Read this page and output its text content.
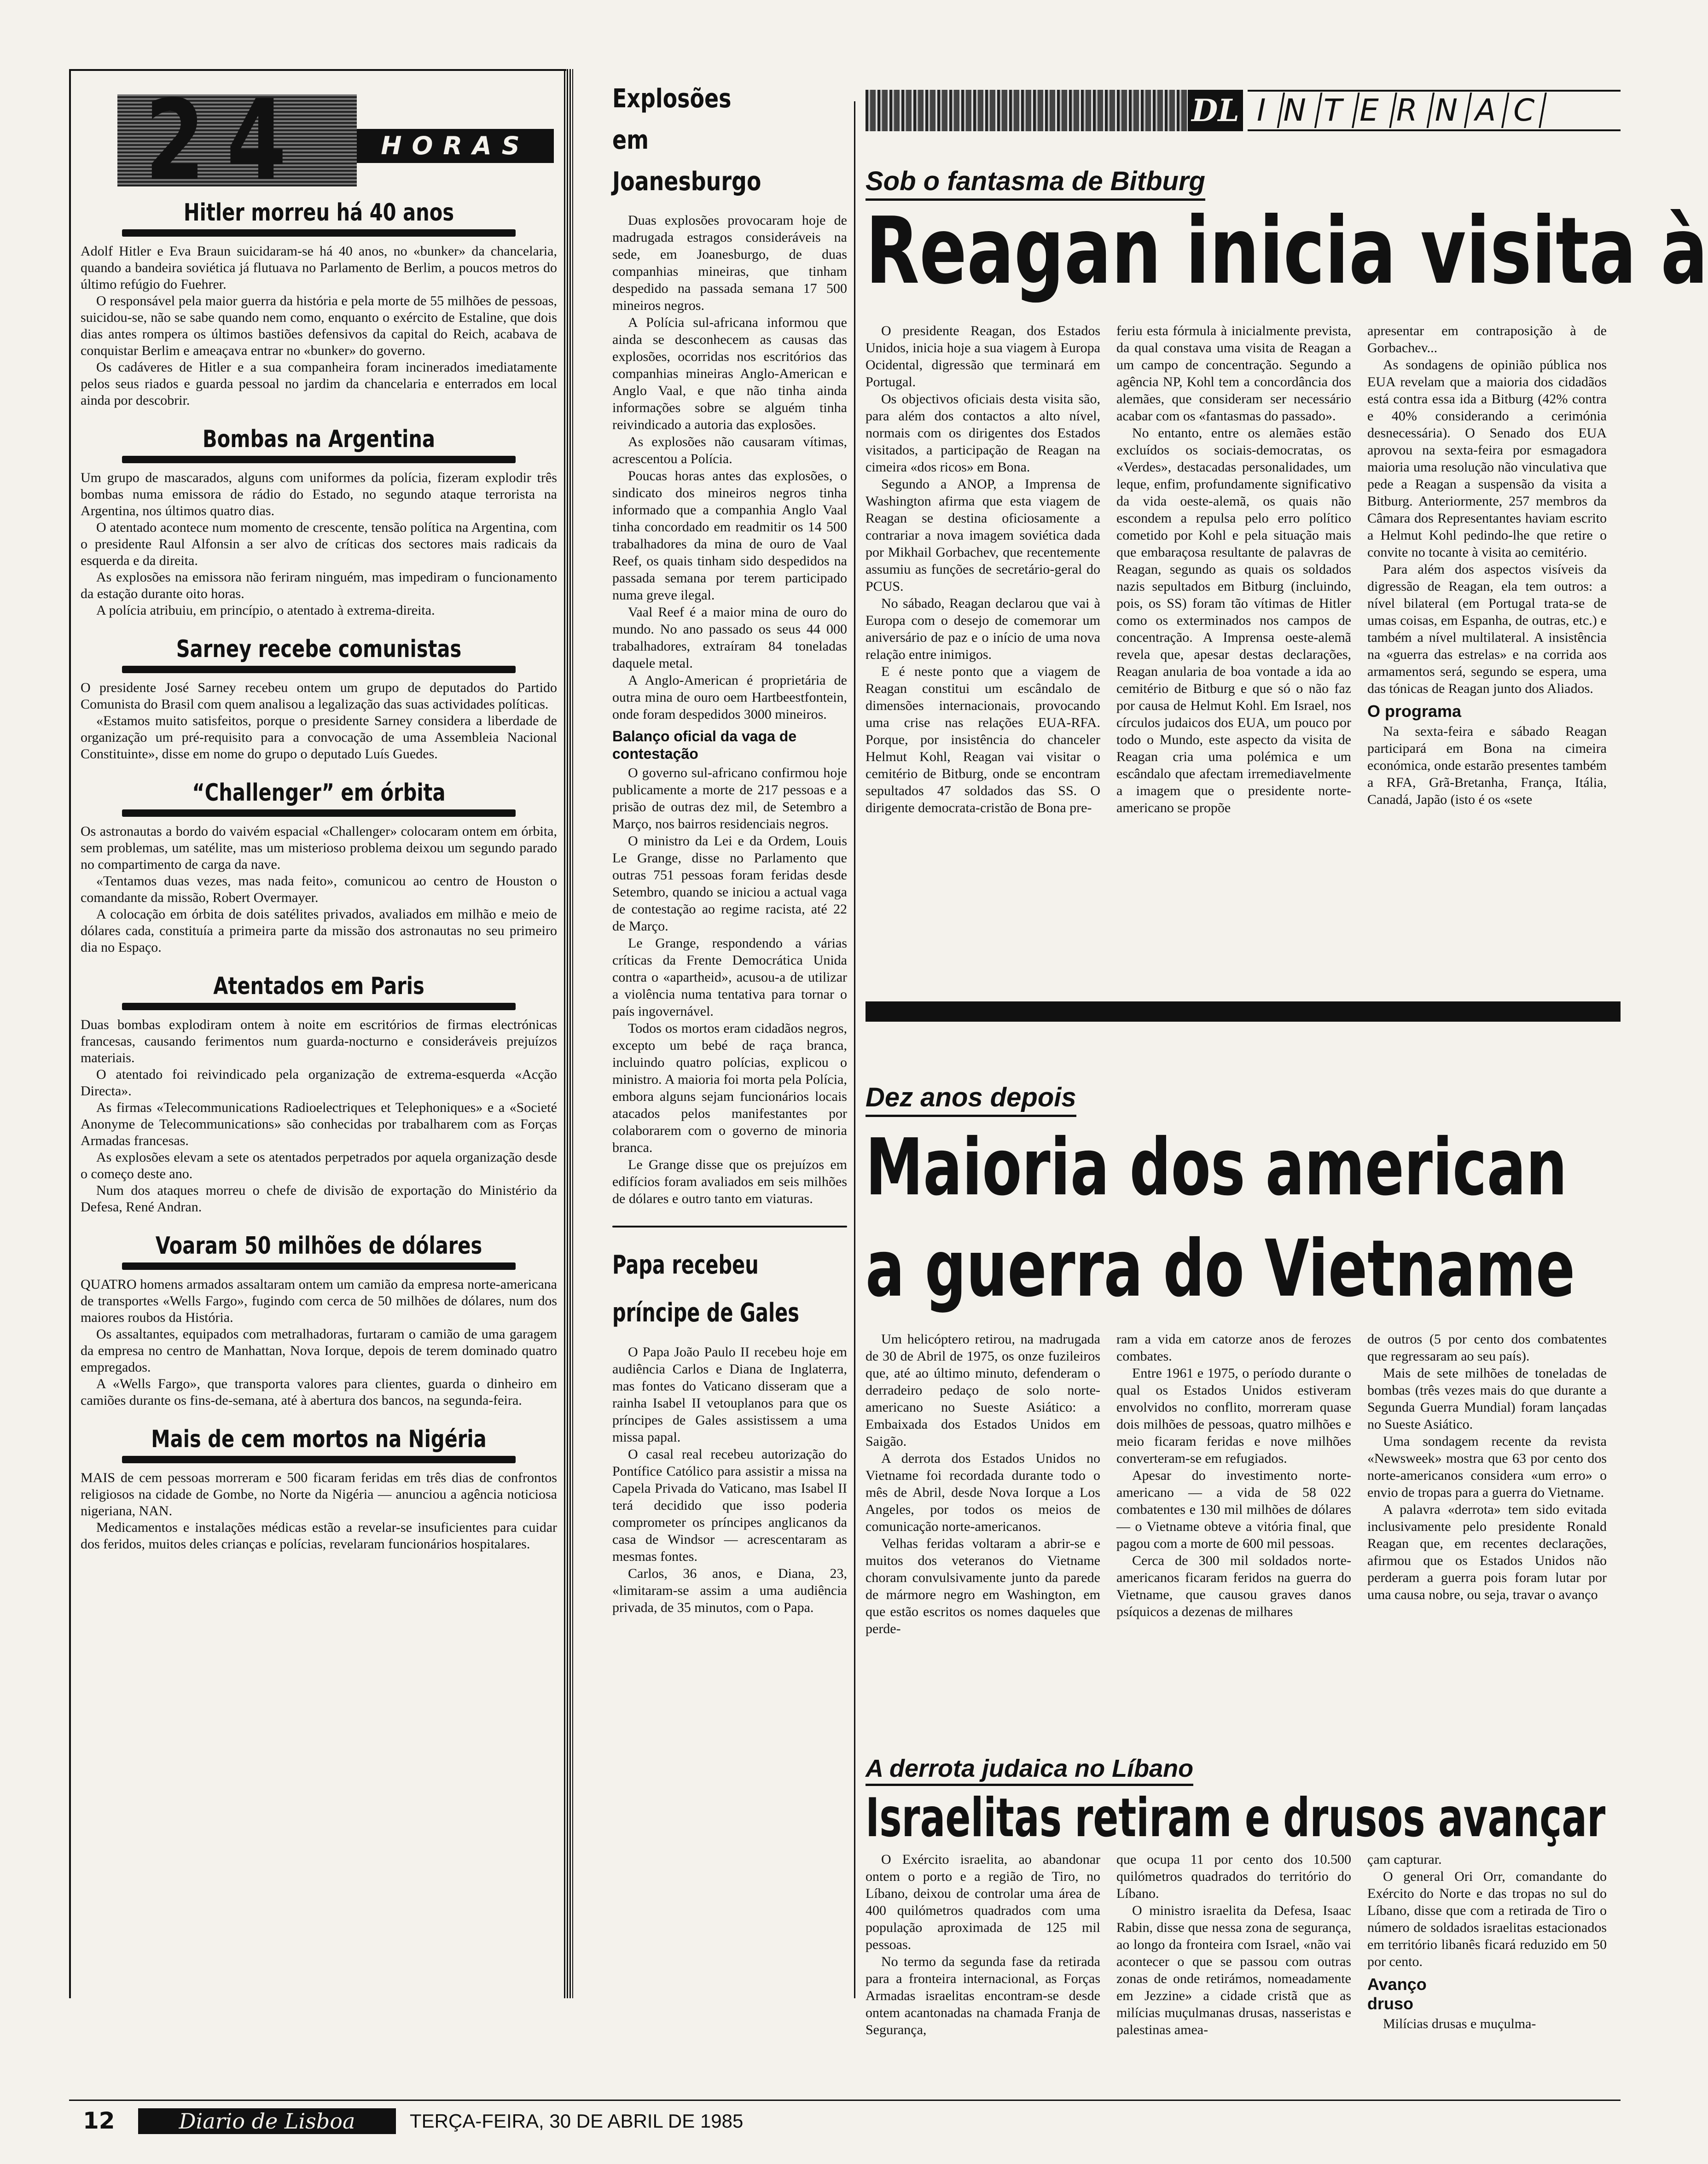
24	HORAS
Hitler morreu há 40 anos

Adolf Hitler e Eva Braun suicidaram-se há 40 anos, no «bunker» da chancelaria, quando a bandeira soviética já flutuava no Parlamento de Berlim, a poucos metros do último refúgio do Fuehrer.

O responsável pela maior guerra da história e pela morte de 55 milhões de pessoas, suicidou-se, não se sabe quando nem como, enquanto o exército de Estaline, que dois dias antes rompera os últimos bastiões defensivos da capital do Reich, acabava de conquistar Berlim e ameaçava entrar no «bunker» do governo.

Os cadáveres de Hitler e a sua companheira foram incinerados imediatamente pelos seus riados e guarda pessoal no jardim da chancelaria e enterrados em local ainda por descobrir.

Bombas na Argentina

Um grupo de mascarados, alguns com uniformes da polícia, fizeram explodir três bombas numa emissora de rádio do Estado, no segundo ataque terrorista na Argentina, nos últimos quatro dias.

O atentado acontece num momento de crescente, tensão política na Argentina, com o presidente Raul Alfonsin a ser alvo de críticas dos sectores mais radicais da esquerda e da direita.

As explosões na emissora não feriram ninguém, mas impediram o funcionamento da estação durante oito horas.

A polícia atribuiu, em princípio, o atentado à extrema-direita.

Sarney recebe comunistas

O presidente José Sarney recebeu ontem um grupo de deputados do Partido Comunista do Brasil com quem analisou a legalização das suas actividades políticas.

«Estamos muito satisfeitos, porque o presidente Sarney considera a liberdade de organização um pré-requisito para a convocação de uma Assembleia Nacional Constituinte», disse em nome do grupo o deputado Luís Guedes.

“Challenger” em órbita

Os astronautas a bordo do vaivém espacial «Challenger» colocaram ontem em órbita, sem problemas, um satélite, mas um misterioso problema deixou um segundo parado no compartimento de carga da nave.

«Tentamos duas vezes, mas nada feito», comunicou ao centro de Houston o comandante da missão, Robert Overmayer.

A colocação em órbita de dois satélites privados, avaliados em milhão e meio de dólares cada, constituía a primeira parte da missão dos astronautas no seu primeiro dia no Espaço.

Atentados em Paris

Duas bombas explodiram ontem à noite em escritórios de firmas electrónicas francesas, causando ferimentos num guarda-nocturno e consideráveis prejuízos materiais.

O atentado foi reivindicado pela organização de extrema-esquerda «Acção Directa».

As firmas «Telecommunications Radioelectriques et Telephoniques» e a «Societé Anonyme de Telecommunications» são conhecidas por trabalharem com as Forças Armadas francesas.

As explosões elevam a sete os atentados perpetrados por aquela organização desde o começo deste ano.

Num dos ataques morreu o chefe de divisão de exportação do Ministério da Defesa, René Andran.

Voaram 50 milhões de dólares

QUATRO homens armados assaltaram ontem um camião da empresa norte-americana de transportes «Wells Fargo», fugindo com cerca de 50 milhões de dólares, num dos maiores roubos da História.

Os assaltantes, equipados com metralhadoras, furtaram o camião de uma garagem da empresa no centro de Manhattan, Nova Iorque, depois de terem dominado quatro empregados.

A «Wells Fargo», que transporta valores para clientes, guarda o dinheiro em camiões durante os fins-de-semana, até à abertura dos bancos, na segunda-feira.

Mais de cem mortos na Nigéria

MAIS de cem pessoas morreram e 500 ficaram feridas em três dias de confrontos religiosos na cidade de Gombe, no Norte da Nigéria — anunciou a agência noticiosa nigeriana, NAN.

Medicamentos e instalações médicas estão a revelar-se insuficientes para cuidar dos feridos, muitos deles crianças e polícias, revelaram funcionários hospitalares.

Explosões
em
Joanesburgo

Duas explosões provocaram hoje de madrugada estragos consideráveis na sede, em Joanesburgo, de duas companhias mineiras, que tinham despedido na passada semana 17 500 mineiros negros.

A Polícia sul-africana informou que ainda se desconhecem as causas das explosões, ocorridas nos escritórios das companhias mineiras Anglo-American e Anglo Vaal, e que não tinha ainda informações sobre se alguém tinha reivindicado a autoria das explosões.

As explosões não causaram vítimas, acrescentou a Polícia.

Poucas horas antes das explosões, o sindicato dos mineiros negros tinha informado que a companhia Anglo Vaal tinha concordado em readmitir os 14 500 trabalhadores da mina de ouro de Vaal Reef, os quais tinham sido despedidos na passada semana por terem participado numa greve ilegal.

Vaal Reef é a maior mina de ouro do mundo. No ano passado os seus 44 000 trabalhadores, extraíram 84 toneladas daquele metal.

A Anglo-American é proprietária de outra mina de ouro oem Hartbeestfontein, onde foram despedidos 3000 mineiros.

Balanço oficial da vaga de contestação

O governo sul-africano confirmou hoje publicamente a morte de 217 pessoas e a prisão de outras dez mil, de Setembro a Março, nos bairros residenciais negros.

O ministro da Lei e da Ordem, Louis Le Grange, disse no Parlamento que outras 751 pessoas foram feridas desde Setembro, quando se iniciou a actual vaga de contestação ao regime racista, até 22 de Março.

Le Grange, respondendo a várias críticas da Frente Democrática Unida contra o «apartheid», acusou-a de utilizar a violência numa tentativa para tornar o país ingovernável.

Todos os mortos eram cidadãos negros, excepto um bebé de raça branca, incluindo quatro polícias, explicou o ministro. A maioria foi morta pela Polícia, embora alguns sejam funcionários locais atacados pelos manifestantes por colaborarem com o governo de minoria branca.

Le Grange disse que os prejuízos em edifícios foram avaliados em seis milhões de dólares e outro tanto em viaturas.

Papa recebeu
príncipe de Gales

O Papa João Paulo II recebeu hoje em audiência Carlos e Diana de Inglaterra, mas fontes do Vaticano disseram que a rainha Isabel II vetouplanos para que os príncipes de Gales assistissem a uma missa papal.

O casal real recebeu autorização do Pontífice Católico para assistir a missa na Capela Privada do Vaticano, mas Isabel II terá decidido que isso poderia comprometer os príncipes anglicanos da casa de Windsor — acrescentaram as mesmas fontes.

Carlos, 36 anos, e Diana, 23, «limitaram-se assim a uma audiência privada, de 35 minutos, com o Papa.

DL INTERNAC
Sob o fantasma de Bitburg
Reagan inicia visita à

O presidente Reagan, dos Estados Unidos, inicia hoje a sua viagem à Europa Ocidental, digressão que terminará em Portugal.

Os objectivos oficiais desta visita são, para além dos contactos a alto nível, normais com os dirigentes dos Estados visitados, a participação de Reagan na cimeira «dos ricos» em Bona.

Segundo a ANOP, a Imprensa de Washington afirma que esta viagem de Reagan se destina oficiosamente a contrariar a nova imagem soviética dada por Mikhail Gorbachev, que recentemente assumiu as funções de secretário-geral do PCUS.

No sábado, Reagan declarou que vai à Europa com o desejo de comemorar um aniversário de paz e o início de uma nova relação entre inimigos.

E é neste ponto que a viagem de Reagan constitui um escândalo de dimensões internacionais, provocando uma crise nas relações EUA-RFA. Porque, por insistência do chanceler Helmut Kohl, Reagan vai visitar o cemitério de Bitburg, onde se encontram sepultados 47 soldados das SS. O dirigente democrata-cristão de Bona pre-

feriu esta fórmula à inicialmente prevista, da qual constava uma visita de Reagan a um campo de concentração. Segundo a agência NP, Kohl tem a concordância dos alemães, que consideram ser necessário acabar com os «fantasmas do passado».

No entanto, entre os alemães estão excluídos os sociais-democratas, os «Verdes», destacadas personalidades, um leque, enfim, profundamente significativo da vida oeste-alemã, os quais não escondem a repulsa pelo erro político cometido por Kohl e pela situação mais que embaraçosa resultante de palavras de Reagan, segundo as quais os soldados nazis sepultados em Bitburg (incluindo, pois, os SS) foram tão vítimas de Hitler como os exterminados nos campos de concentração. A Imprensa oeste-alemã revela que, apesar destas declarações, Reagan anularia de boa vontade a ida ao cemitério de Bitburg e que só o não faz por causa de Helmut Kohl. Em Israel, nos círculos judaicos dos EUA, um pouco por todo o Mundo, este aspecto da visita de Reagan cria uma polémica e um escândalo que afectam irremediavelmente a imagem que o presidente norte-americano se propõe

apresentar em contraposição à de Gorbachev...

As sondagens de opinião pública nos EUA revelam que a maioria dos cidadãos está contra essa ida a Bitburg (42% contra e 40% considerando a cerimónia desnecessária). O Senado dos EUA aprovou na sexta-feira por esmagadora maioria uma resolução não vinculativa que pede a Reagan a suspensão da visita a Bitburg. Anteriormente, 257 membros da Câmara dos Representantes haviam escrito a Helmut Kohl pedindo-lhe que retire o convite no tocante à visita ao cemitério.

Para além dos aspectos visíveis da digressão de Reagan, ela tem outros: a nível bilateral (em Portugal trata-se de umas coisas, em Espanha, de outras, etc.) e também a nível multilateral. A insistência na «guerra das estrelas» e na corrida aos armamentos será, segundo se espera, uma das tónicas de Reagan junto dos Aliados.

O programa

Na sexta-feira e sábado Reagan participará em Bona na cimeira económica, onde estarão presentes também a RFA, Grã-Bretanha, França, Itália, Canadá, Japão (isto é os «sete

Dez anos depois
Maioria dos american
a guerra do Vietname

Um helicóptero retirou, na madrugada de 30 de Abril de 1975, os onze fuzileiros que, até ao último minuto, defenderam o derradeiro pedaço de solo norte-americano no Sueste Asiático: a Embaixada dos Estados Unidos em Saigão.

A derrota dos Estados Unidos no Vietname foi recordada durante todo o mês de Abril, desde Nova Iorque a Los Angeles, por todos os meios de comunicação norte-americanos.

Velhas feridas voltaram a abrir-se e muitos dos veteranos do Vietname choram convulsivamente junto da parede de mármore negro em Washington, em que estão escritos os nomes daqueles que perde-

ram a vida em catorze anos de ferozes combates.

Entre 1961 e 1975, o período durante o qual os Estados Unidos estiveram envolvidos no conflito, morreram quase dois milhões de pessoas, quatro milhões e meio ficaram feridas e nove milhões converteram-se em refugiados.

Apesar do investimento norte-americano — a vida de 58 022 combatentes e 130 mil milhões de dólares — o Vietname obteve a vitória final, que pagou com a morte de 600 mil pessoas.

Cerca de 300 mil soldados norte-americanos ficaram feridos na guerra do Vietname, que causou graves danos psíquicos a dezenas de milhares

de outros (5 por cento dos combatentes que regressaram ao seu país).

Mais de sete milhões de toneladas de bombas (três vezes mais do que durante a Segunda Guerra Mundial) foram lançadas no Sueste Asiático.

Uma sondagem recente da revista «Newsweek» mostra que 63 por cento dos norte-americanos considera «um erro» o envio de tropas para a guerra do Vietname.

A palavra «derrota» tem sido evitada inclusivamente pelo presidente Ronald Reagan que, em recentes declarações, afirmou que os Estados Unidos não perderam a guerra pois foram lutar por uma causa nobre, ou seja, travar o avanço

A derrota judaica no Líbano
Israelitas retiram e drusos avançar

O Exército israelita, ao abandonar ontem o porto e a região de Tiro, no Líbano, deixou de controlar uma área de 400 quilómetros quadrados com uma população aproximada de 125 mil pessoas.

No termo da segunda fase da retirada para a fronteira internacional, as Forças Armadas israelitas encontram-se desde ontem acantonadas na chamada Franja de Segurança,

que ocupa 11 por cento dos 10.500 quilómetros quadrados do território do Líbano.

O ministro israelita da Defesa, Isaac Rabin, disse que nessa zona de segurança, ao longo da fronteira com Israel, «não vai acontecer o que se passou com outras zonas de onde retirámos, nomeadamente em Jezzine» a cidade cristã que as milícias muçulmanas drusas, nasseristas e palestinas amea-

çam capturar.

O general Ori Orr, comandante do Exército do Norte e das tropas no sul do Líbano, disse que com a retirada de Tiro o número de soldados israelitas estacionados em território libanês ficará reduzido em 50 por cento.

Avanço druso

Milícias drusas e muçulma-

12	Diario de Lisboa	TERÇA-FEIRA, 30 DE ABRIL DE 1985
